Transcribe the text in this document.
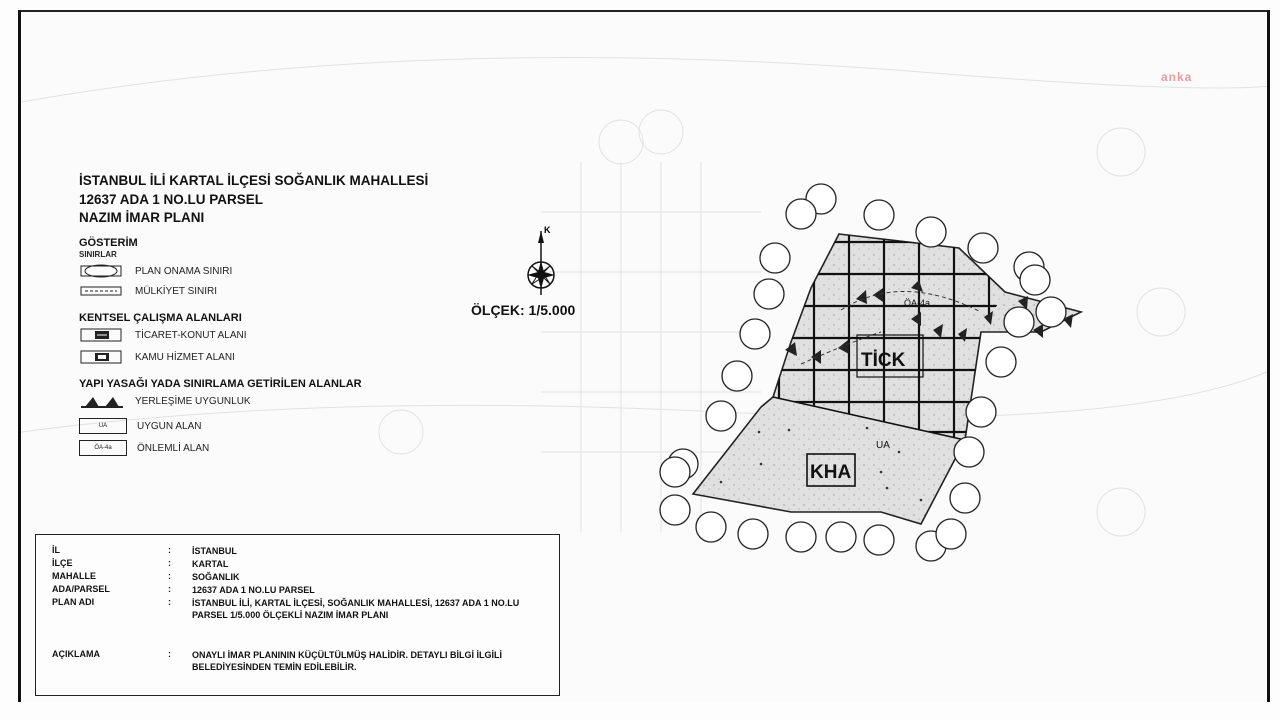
anka
İSTANBUL İLİ KARTAL İLÇESİ SOĞANLIK MAHALLESİ
12637 ADA 1 NO.LU PARSEL
NAZIM İMAR PLANI
GÖSTERİM
SINIRLAR
PLAN ONAMA SINIRI
MÜLKİYET SINIRI
KENTSEL ÇALIŞMA ALANLARI
TİCARET-KONUT ALANI
KAMU HİZMET ALANI
YAPI YASAĞI YADA SINIRLAMA GETİRİLEN ALANLAR
YERLEŞİME UYGUNLUK
UA	UYGUN ALAN
ÖA-4a	ÖNLEMLİ ALAN
K
ÖLÇEK: 1/5.000
TİCK
KHA
UA
ÖA-4a
İL	: İSTANBUL
İLÇE	: KARTAL
MAHALLE	: SOĞANLIK
ADA/PARSEL	: 12637 ADA 1 NO.LU PARSEL
PLAN ADI	: İSTANBUL İLİ, KARTAL İLÇESİ, SOĞANLIK MAHALLESİ, 12637 ADA 1 NO.LU PARSEL 1/5.000 ÖLÇEKLİ NAZIM İMAR PLANI
AÇIKLAMA	: ONAYLI İMAR PLANININ KÜÇÜLTÜLMÜŞ HALİDİR. DETAYLI BİLGİ İLGİLİ BELEDİYESİNDEN TEMİN EDİLEBİLİR.
